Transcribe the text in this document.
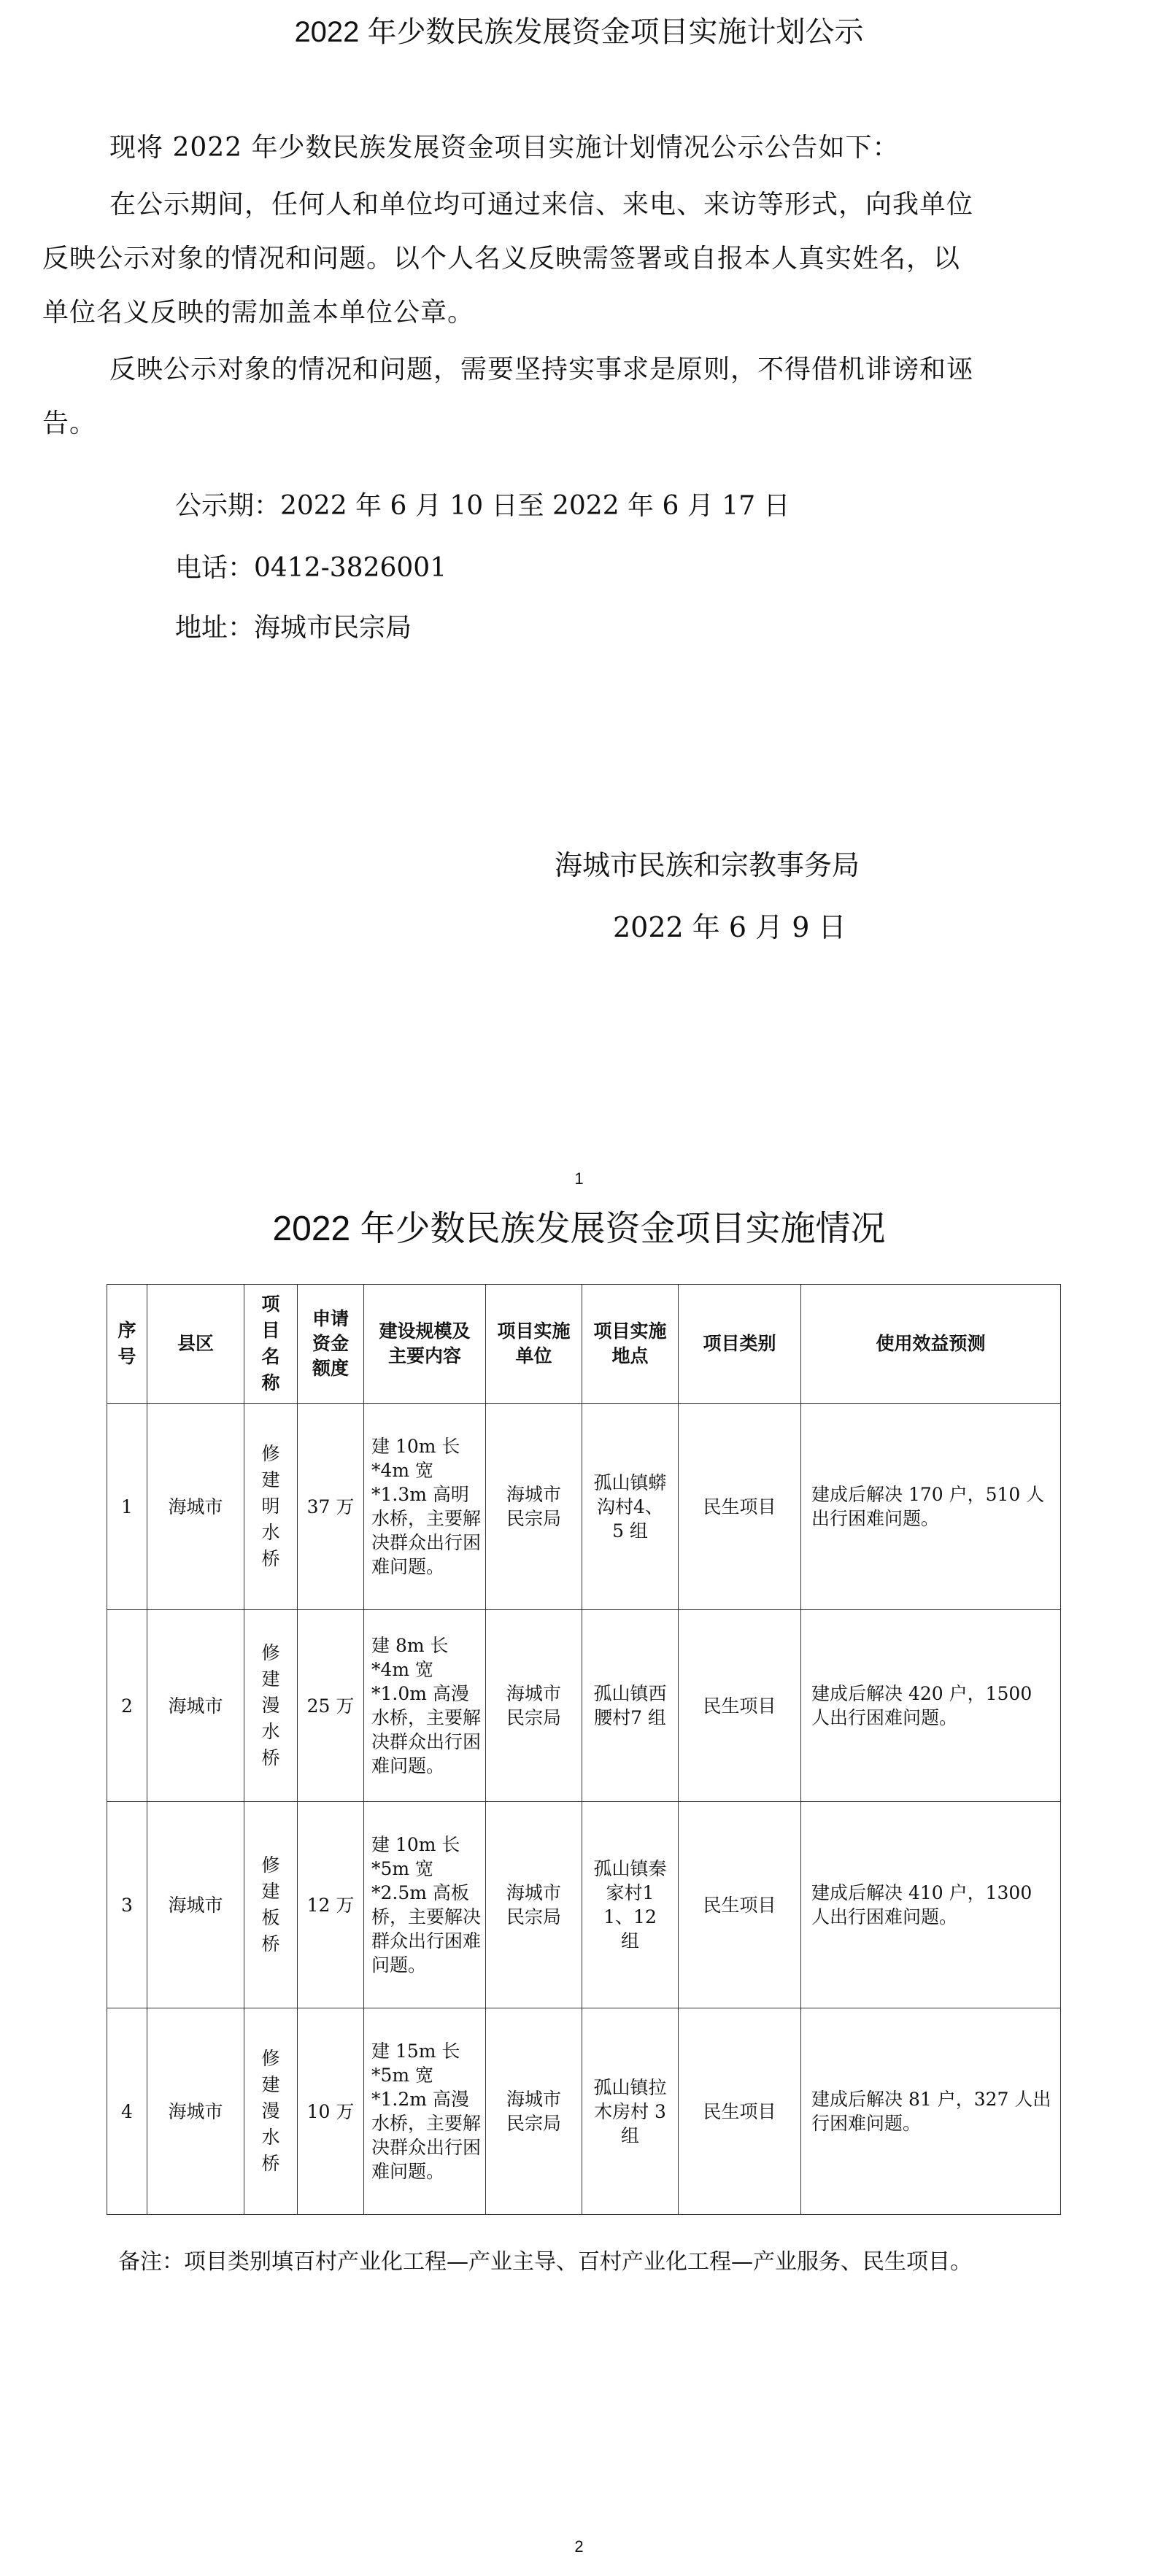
2022 年少数民族发展资金项目实施计划公示
现将 2022 年少数民族发展资金项目实施计划情况公示公告如下：
在公示期间，任何人和单位均可通过来信、来电、来访等形式，向我单位反映公示对象的情况和问题。以个人名义反映需签署或自报本人真实姓名，以单位名义反映的需加盖本单位公章。
反映公示对象的情况和问题，需要坚持实事求是原则，不得借机诽谤和诬告。
公示期：2022 年 6 月 10 日至 2022 年 6 月 17 日
电话：0412-3826001
地址：海城市民宗局
海城市民族和宗教事务局
2022 年 6 月 9 日
1
2022 年少数民族发展资金项目实施情况
序号	县区	项目名称	申请资金额度	建设规模及主要内容	项目实施单位	项目实施地点	项目类别	使用效益预测
1	海城市	修建明水桥	37 万	建 10m 长*4m 宽*1.3m 高明水桥，主要解决群众出行困难问题。	海城市民宗局	孤山镇蟒沟村4、5 组	民生项目	建成后解决 170 户，510 人出行困难问题。
2	海城市	修建漫水桥	25 万	建 8m 长*4m 宽*1.0m 高漫水桥，主要解决群众出行困难问题。	海城市民宗局	孤山镇西腰村7 组	民生项目	建成后解决 420 户，1500 人出行困难问题。
3	海城市	修建板桥	12 万	建 10m 长*5m 宽*2.5m 高板桥，主要解决群众出行困难问题。	海城市民宗局	孤山镇秦家村11、12 组	民生项目	建成后解决 410 户，1300 人出行困难问题。
4	海城市	修建漫水桥	10 万	建 15m 长*5m 宽*1.2m 高漫水桥，主要解决群众出行困难问题。	海城市民宗局	孤山镇拉木房村 3 组	民生项目	建成后解决 81 户，327 人出行困难问题。
备注：项目类别填百村产业化工程—产业主导、百村产业化工程—产业服务、民生项目。
2
